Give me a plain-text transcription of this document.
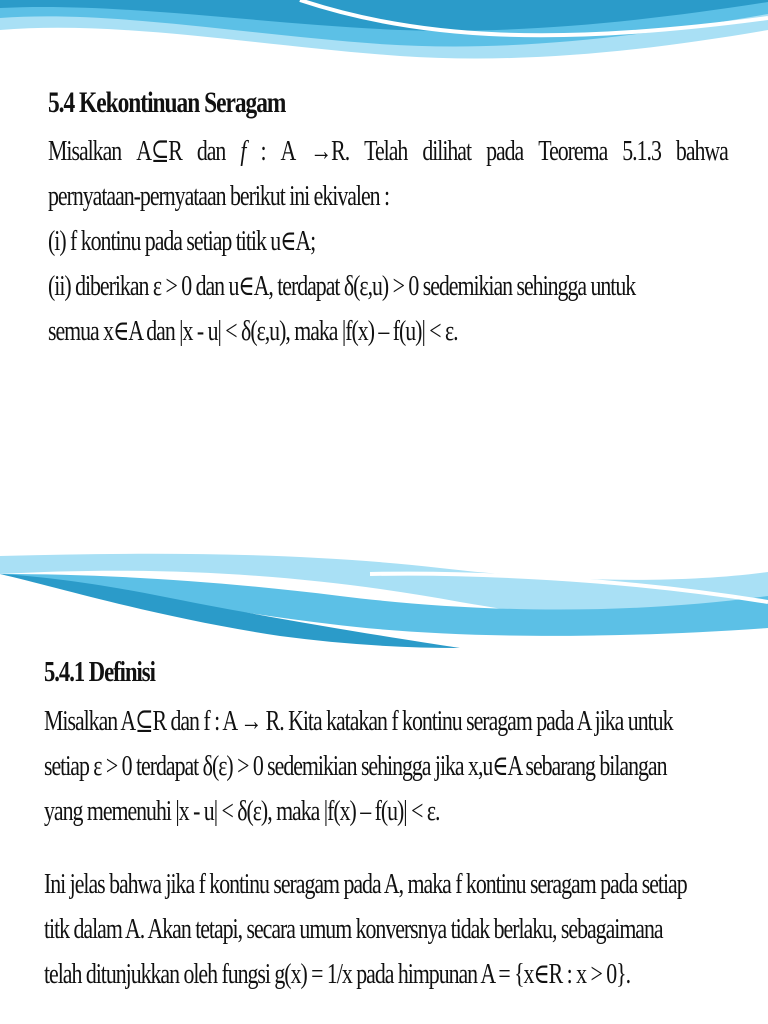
5.4 Kekontinuan Seragam
Misalkan A⊆R dan f : A →R. Telah dilihat pada Teorema 5.1.3 bahwa
pernyataan-pernyataan berikut ini ekivalen :
(i) f kontinu pada setiap titik u∈A;
(ii) diberikan ε > 0 dan u∈A, terdapat δ(ε,u) > 0 sedemikian sehingga untuk
semua x∈A dan |x - u| < δ(ε,u), maka |f(x) – f(u)| < ε.
5.4.1 Definisi
Misalkan A⊆R dan f : A → R. Kita katakan f kontinu seragam pada A jika untuk
setiap ε > 0 terdapat δ(ε) > 0 sedemikian sehingga jika x,u∈A sebarang bilangan
yang memenuhi |x - u| < δ(ε), maka |f(x) – f(u)| < ε.
Ini jelas bahwa jika f kontinu seragam pada A, maka f kontinu seragam pada setiap
titk dalam A. Akan tetapi, secara umum konversnya tidak berlaku, sebagaimana
telah ditunjukkan oleh fungsi g(x) = 1/x pada himpunan A = {x∈R : x > 0}.
